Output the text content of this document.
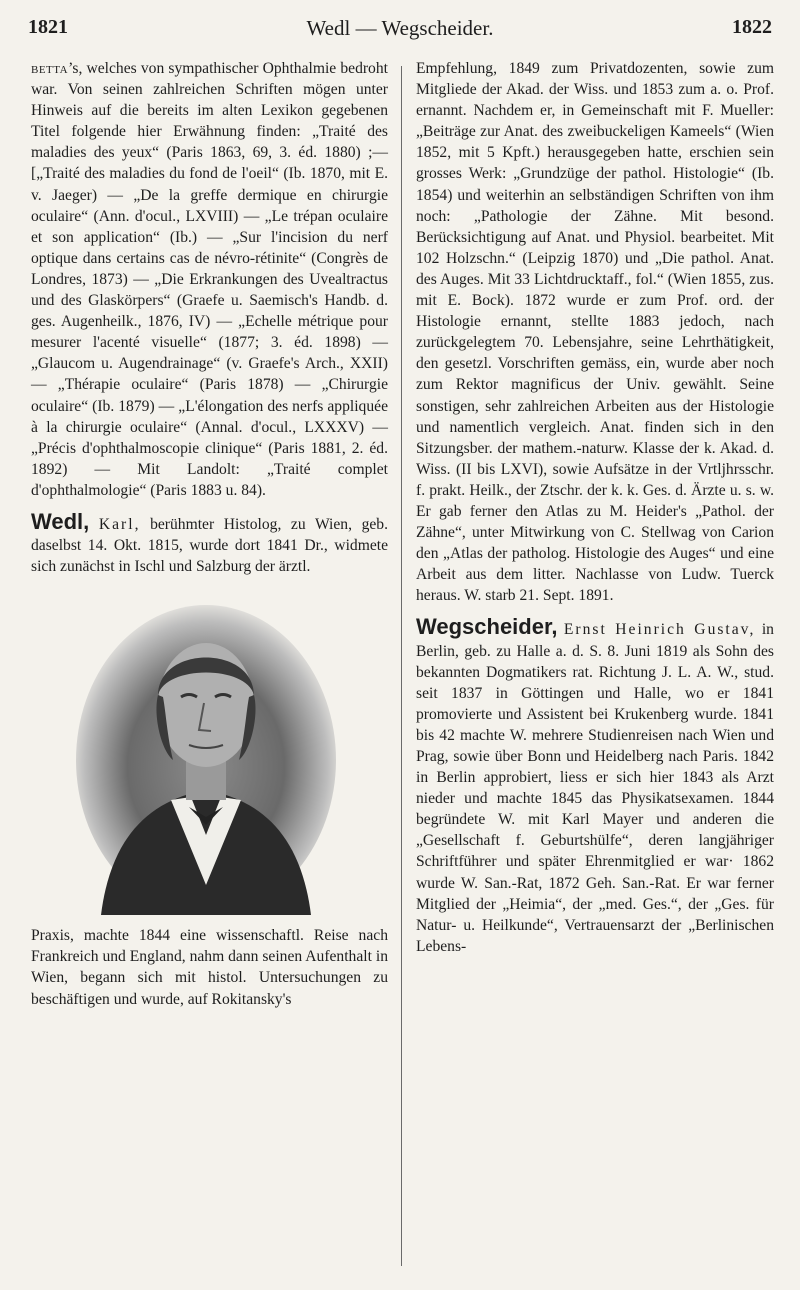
1821	Wedl — Wegscheider.	1822

betta’s, welches von sympathischer Ophthalmie bedroht war. Von seinen zahlreichen Schriften mögen unter Hinweis auf die bereits im alten Lexikon gegebenen Titel folgende hier Erwähnung finden: „Traité des maladies des yeux“ (Paris 1863, 69, 3. éd. 1880) ;— [„Traité des maladies du fond de l'oeil“ (Ib. 1870, mit E. v. Jaeger) — „De la greffe dermique en chirurgie oculaire“ (Ann. d'ocul., LXVIII) — „Le trépan oculaire et son application“ (Ib.) — „Sur l'incision du nerf optique dans certains cas de névro-rétinite“ (Congrès de Londres, 1873) — „Die Erkrankungen des Uvealtractus und des Glaskörpers“ (Graefe u. Saemisch's Handb. d. ges. Augenheilk., 1876, IV) — „Echelle métrique pour mesurer l'acenté visuelle“ (1877; 3. éd. 1898) — „Glaucom u. Augendrainage“ (v. Graefe's Arch., XXII) — „Thérapie oculaire“ (Paris 1878) — „Chirurgie oculaire“ (Ib. 1879) — „L'élongation des nerfs appliquée à la chirurgie oculaire“ (Annal. d'ocul., LXXXV) — „Précis d'ophthalmoscopie clinique“ (Paris 1881, 2. éd. 1892) — Mit Landolt: „Traité complet d'ophthalmologie“ (Paris 1883 u. 84).

Wedl, Karl, berühmter Histolog, zu Wien, geb. daselbst 14. Okt. 1815, wurde dort 1841 Dr., widmete sich zunächst in Ischl und Salzburg der ärztl.

Praxis, machte 1844 eine wissenschaftl. Reise nach Frankreich und England, nahm dann seinen Aufenthalt in Wien, begann sich mit histol. Untersuchungen zu beschäftigen und wurde, auf Rokitansky's

Empfehlung, 1849 zum Privatdozenten, sowie zum Mitgliede der Akad. der Wiss. und 1853 zum a. o. Prof. ernannt. Nachdem er, in Gemeinschaft mit F. Mueller: „Beiträge zur Anat. des zweibuckeligen Kameels“ (Wien 1852, mit 5 Kpft.) herausgegeben hatte, erschien sein grosses Werk: „Grundzüge der pathol. Histologie“ (Ib. 1854) und weiterhin an selbständigen Schriften von ihm noch: „Pathologie der Zähne. Mit besond. Berücksichtigung auf Anat. und Physiol. bearbeitet. Mit 102 Holzschn.“ (Leipzig 1870) und „Die pathol. Anat. des Auges. Mit 33 Lichtdrucktaff., fol.“ (Wien 1855, zus. mit E. Bock). 1872 wurde er zum Prof. ord. der Histologie ernannt, stellte 1883 jedoch, nach zurückgelegtem 70. Lebensjahre, seine Lehrthätigkeit, den gesetzl. Vorschriften gemäss, ein, wurde aber noch zum Rektor magnificus der Univ. gewählt. Seine sonstigen, sehr zahlreichen Arbeiten aus der Histologie und namentlich vergleich. Anat. finden sich in den Sitzungsber. der mathem.-naturw. Klasse der k. Akad. d. Wiss. (II bis LXVI), sowie Aufsätze in der Vrtljhrsschr. f. prakt. Heilk., der Ztschr. der k. k. Ges. d. Ärzte u. s. w. Er gab ferner den Atlas zu M. Heider's „Pathol. der Zähne“, unter Mitwirkung von C. Stellwag von Carion den „Atlas der patholog. Histologie des Auges“ und eine Arbeit aus dem litter. Nachlasse von Ludw. Tuerck heraus. W. starb 21. Sept. 1891.

Wegscheider, Ernst Heinrich Gustav, in Berlin, geb. zu Halle a. d. S. 8. Juni 1819 als Sohn des bekannten Dogmatikers rat. Richtung J. L. A. W., stud. seit 1837 in Göttingen und Halle, wo er 1841 promovierte und Assistent bei Krukenberg wurde. 1841 bis 42 machte W. mehrere Studienreisen nach Wien und Prag, sowie über Bonn und Heidelberg nach Paris. 1842 in Berlin approbiert, liess er sich hier 1843 als Arzt nieder und machte 1845 das Physikatsexamen. 1844 begründete W. mit Karl Mayer und anderen die „Gesellschaft f. Geburtshülfe“, deren langjähriger Schriftführer und später Ehrenmitglied er war· 1862 wurde W. San.-Rat, 1872 Geh. San.-Rat. Er war ferner Mitglied der „Heimia“, der „med. Ges.“, der „Ges. für Natur- u. Heilkunde“, Vertrauensarzt der „Berlinischen Lebens-
